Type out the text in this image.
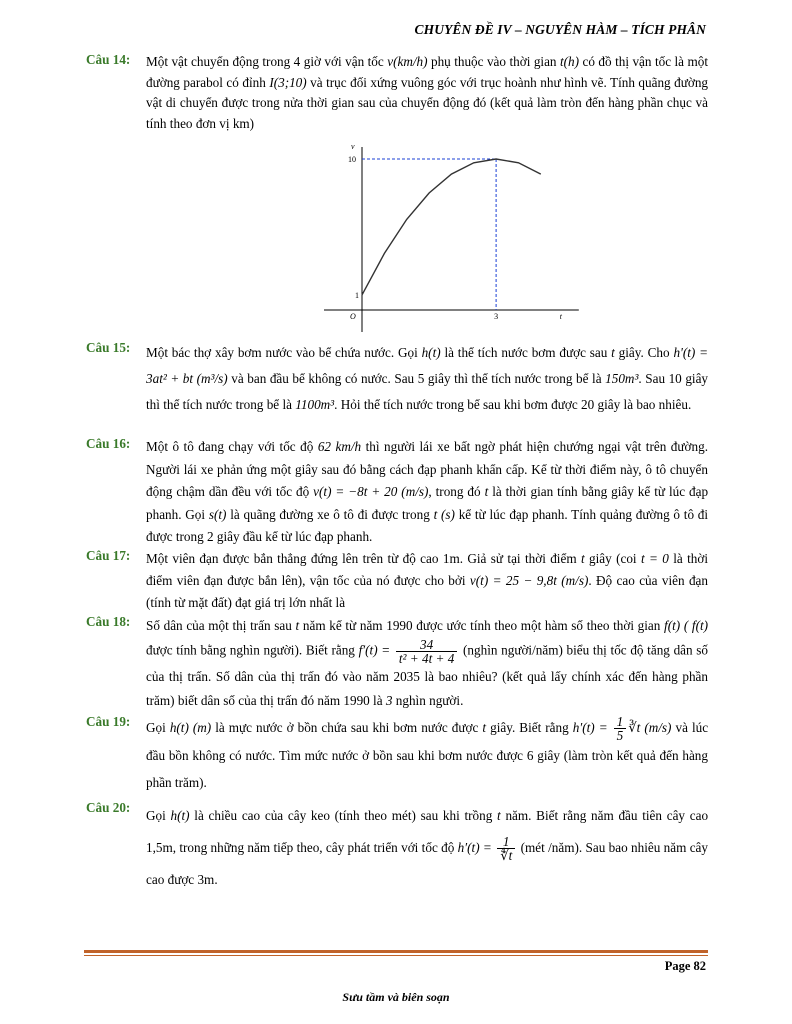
CHUYÊN ĐỀ IV – NGUYÊN HÀM – TÍCH PHÂN
Câu 14: Một vật chuyển động trong 4 giờ với vận tốc v(km/h) phụ thuộc vào thời gian t(h) có đồ thị vận tốc là một đường parabol có đỉnh I(3;10) và trục đối xứng vuông góc với trục hoành như hình vẽ. Tính quãng đường vật di chuyển được trong nửa thời gian sau của chuyển động đó (kết quả làm tròn đến hàng phần chục và tính theo đơn vị km)
t
v
O	3
1
10
Câu 15: Một bác thợ xây bơm nước vào bể chứa nước. Gọi h(t) là thể tích nước bơm được sau t giây. Cho h'(t) = 3at² + bt (m³/s) và ban đầu bể không có nước. Sau 5 giây thì thể tích nước trong bể là 150m³. Sau 10 giây thì thể tích nước trong bể là 1100m³. Hỏi thể tích nước trong bể sau khi bơm được 20 giây là bao nhiêu.
Câu 16: Một ô tô đang chạy với tốc độ 62 km/h thì người lái xe bất ngờ phát hiện chướng ngại vật trên đường. Người lái xe phản ứng một giây sau đó bằng cách đạp phanh khẩn cấp. Kể từ thời điểm này, ô tô chuyển động chậm dần đều với tốc độ v(t) = −8t + 20 (m/s), trong đó t là thời gian tính bằng giây kể từ lúc đạp phanh. Gọi s(t) là quãng đường xe ô tô đi được trong t (s) kể từ lúc đạp phanh. Tính quảng đường ô tô đi được trong 2 giây đầu kể từ lúc đạp phanh.
Câu 17: Một viên đạn được bắn thẳng đứng lên trên từ độ cao 1m. Giả sử tại thời điểm t giây (coi t = 0 là thời điểm viên đạn được bắn lên), vận tốc của nó được cho bởi v(t) = 25 − 9,8t (m/s). Độ cao của viên đạn (tính từ mặt đất) đạt giá trị lớn nhất là
Câu 18: Số dân của một thị trấn sau t năm kể từ năm 1990 được ước tính theo một hàm số theo thời gian f(t) ( f(t) được tính bằng nghìn người). Biết rằng $f'(t) = \frac{34}{\text{t² + 4t + 4}}$ (nghìn người/năm) biểu thị tốc độ tăng dân số của thị trấn. Số dân của thị trấn đó vào năm 2035 là bao nhiêu? (kết quả lấy chính xác đến hàng phần trăm) biết dân số của thị trấn đó năm 1990 là 3 nghìn người.
Câu 19: Gọi h(t) (m) là mực nước ở bồn chứa sau khi bơm nước được t giây. Biết rằng $h'(t) = \frac{1}{5}$ ∛t (m/s) và lúc đầu bồn không có nước. Tìm mức nước ở bồn sau khi bơm nước được 6 giây (làm tròn kết quả đến hàng phần trăm).
Câu 20:
Gọi h(t) là chiều cao của cây keo (tính theo mét) sau khi trồng t năm. Biết rằng năm đầu tiên cây cao 1,5m, trong những năm tiếp theo, cây phát triển với tốc độ $h'(t) = \frac{1}{∜t}$ (mét /năm). Sau bao nhiêu năm cây cao được 3m.
Page 82
Sưu tầm và biên soạn
